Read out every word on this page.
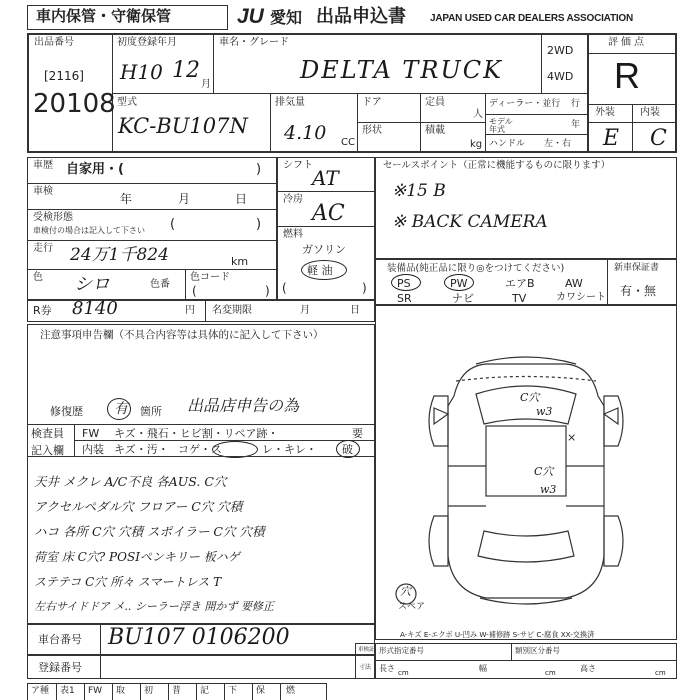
車内保管・守衛保管	JU 愛知 出品申込書 JAPAN USED CAR DEALERS ASSOCIATION
出品番号
[2116]
20108
初度登録年月
H10 12
月
車名・グレード
DELTA TRUCK
2WD
4WD
型式
KC-BU107N
排気量
4.10 CC
ドア
形状
定員
人
積載
kg
ディーラー・並行 行
モデル 年式	年
ハンドル 左・右
評価点
R
外装	内装
E C
車歴 自家用・(	)
車検
年	月	日
受検形態
車検付の場合は記入して下さい (	)
走行 24万1千824	km
色 シロ	色番
色コード
(	)
シフト
AT
冷房
AC
燃料
ガソリン
軽 油
(	)
セールスポイント（正常に機能するものに限ります）
※15 B
※ BACK CAMERA
装備品(純正品に限り◎をつけてください)
PS	PW	エアB	AW
SR	ナビ	TV	カワシート
新車保証書
有・無
R券 8140	円 名変期限	月	日
注意事項申告欄（不具合内容等は具体的に記入して下さい）
修復歴 有 箇所 出品店申告の為
検査員
記入欄
FW キズ・飛石・ヒビ割・リペア跡・	要
内装 キズ・汚・ コゲ・ス	レ・キレ・ 破
天井 メクレ A/C不良 各AUS. C穴
アクセルペダル穴 フロアー C穴 穴積
ハコ 各所 C穴 穴積 スポイラー C穴 穴積
荷室 床 C穴? POSIペンキリー 板ハゲ
ステテコ C穴 所々 スマートレス T
左右サイドドア メ.. シーラー浮き 開かず 要修正
C穴
w3
×
C穴
w3
穴
スペア
A-キズ E-エクボ U-凹み W-補修跡 S-サビ C-腐食 XX-交換済
車台番号 BU107 0106200
登録番号
車検証
寸法
形式指定番号	類別区分番号
長さ cm	幅	cm	高さ	cm
ア種 表1 FW 取 初 普 記 下 保 燃
